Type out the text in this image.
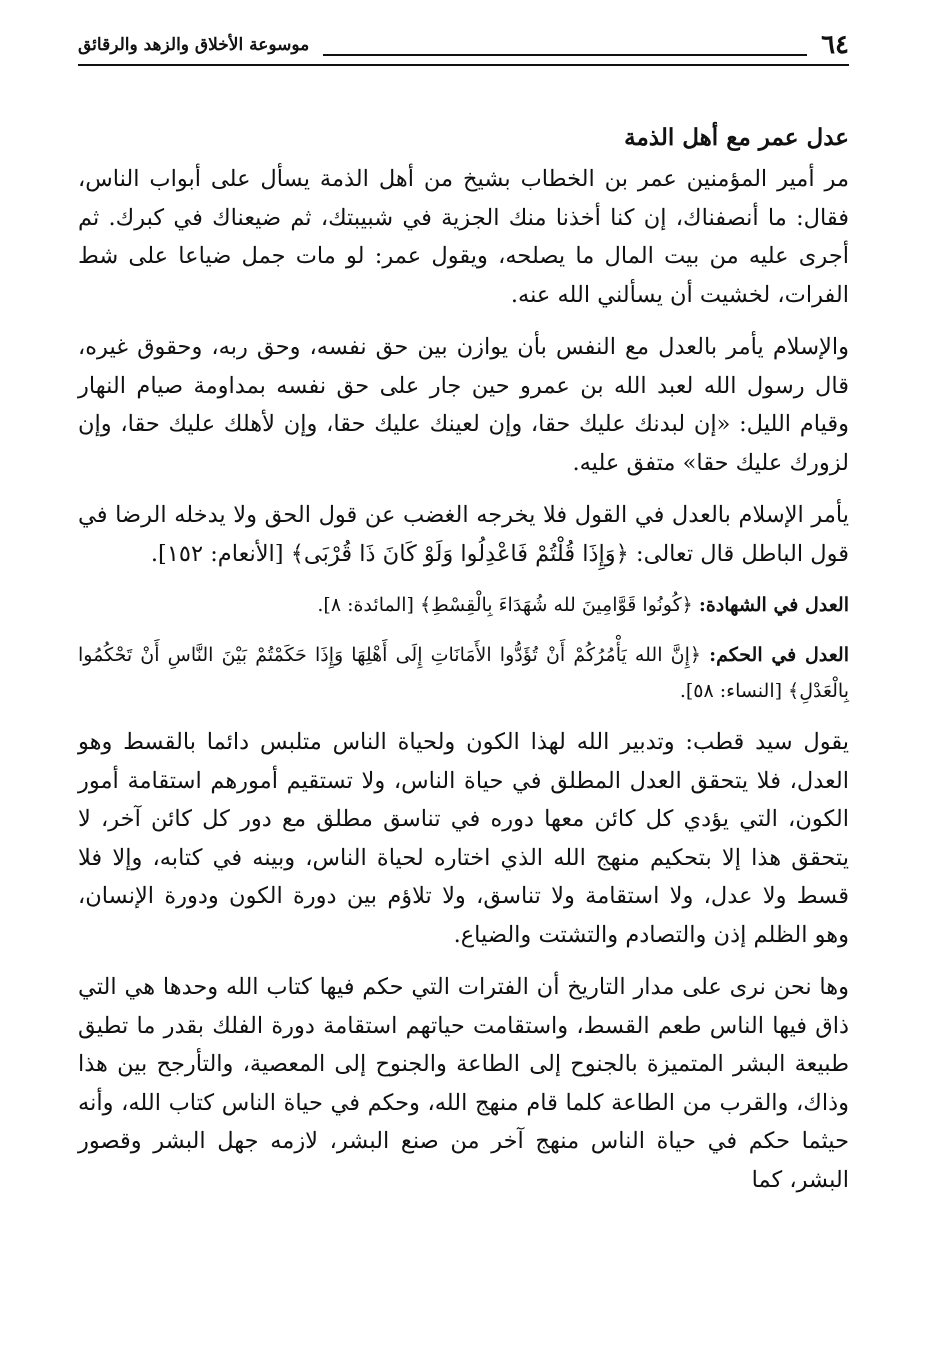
٦٤
موسوعة الأخلاق والزهد والرقائق
عدل عمر مع أهل الذمة

مر أمير المؤمنين عمر بن الخطاب بشيخ من أهل الذمة يسأل على أبواب الناس، فقال: ما أنصفناك، إن كنا أخذنا منك الجزية في شبيبتك، ثم ضيعناك في كبرك. ثم أجرى عليه من بيت المال ما يصلحه، ويقول عمر: لو مات جمل ضياعا على شط الفرات، لخشيت أن يسألني الله عنه.

والإسلام يأمر بالعدل مع النفس بأن يوازن بين حق نفسه، وحق ربه، وحقوق غيره، قال رسول الله لعبد الله بن عمرو حين جار على حق نفسه بمداومة صيام النهار وقيام الليل: «إن لبدنك عليك حقا، وإن لعينك عليك حقا، وإن لأهلك عليك حقا، وإن لزورك عليك حقا» متفق عليه.

يأمر الإسلام بالعدل في القول فلا يخرجه الغضب عن قول الحق ولا يدخله الرضا في قول الباطل قال تعالى: ﴿وَإِذَا قُلْتُمْ فَاعْدِلُوا وَلَوْ كَانَ ذَا قُرْبَى﴾ [الأنعام: ١٥٢].

العدل في الشهادة: ﴿كُونُوا قَوَّامِينَ لله شُهَدَاءَ بِالْقِسْطِ﴾ [المائدة: ٨].

العدل في الحكم: ﴿إِنَّ الله يَأْمُرُكُمْ أَنْ تُؤَدُّوا الأَمَانَاتِ إِلَى أَهْلِهَا وَإِذَا حَكَمْتُمْ بَيْنَ النَّاسِ أَنْ تَحْكُمُوا بِالْعَدْلِ﴾ [النساء: ٥٨].

يقول سيد قطب: وتدبير الله لهذا الكون ولحياة الناس متلبس دائما بالقسط وهو العدل، فلا يتحقق العدل المطلق في حياة الناس، ولا تستقيم أمورهم استقامة أمور الكون، التي يؤدي كل كائن معها دوره في تناسق مطلق مع دور كل كائن آخر، لا يتحقق هذا إلا بتحكيم منهج الله الذي اختاره لحياة الناس، وبينه في كتابه، وإلا فلا قسط ولا عدل، ولا استقامة ولا تناسق، ولا تلاؤم بين دورة الكون ودورة الإنسان، وهو الظلم إذن والتصادم والتشتت والضياع.

وها نحن نرى على مدار التاريخ أن الفترات التي حكم فيها كتاب الله وحدها هي التي ذاق فيها الناس طعم القسط، واستقامت حياتهم استقامة دورة الفلك بقدر ما تطيق طبيعة البشر المتميزة بالجنوح إلى الطاعة والجنوح إلى المعصية، والتأرجح بين هذا وذاك، والقرب من الطاعة كلما قام منهج الله، وحكم في حياة الناس كتاب الله، وأنه حيثما حكم في حياة الناس منهج آخر من صنع البشر، لازمه جهل البشر وقصور البشر، كما
